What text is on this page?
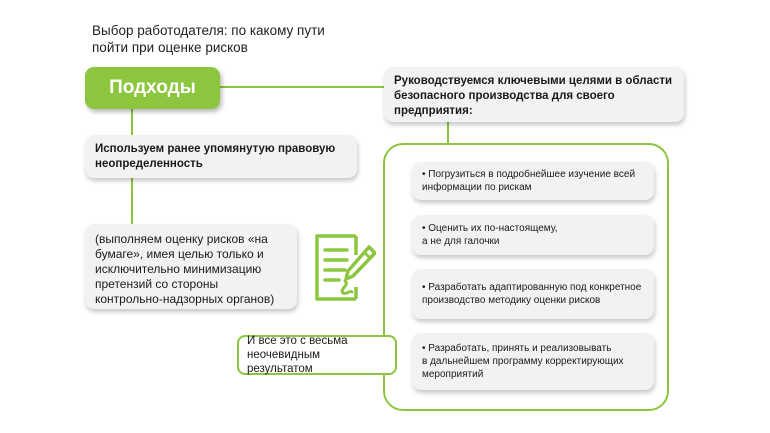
Выбор работодателя: по какому пути пойти при оценке рисков
Подходы	Руководствуемся ключевыми целями в области безопасного производства для своего предприятия:
Используем ранее упомянутую правовую неопределенность
(выполняем оценку рисков «на бумаге», имея целью только и исключительно минимизацию претензий со стороны контрольно-надзорных органов)
• Погрузиться в подробнейшее изучение всей информации по рискам
• Оценить их по-настоящему,
а не для галочки
• Разработать адаптированную под конкретное производство методику оценки рисков
• Разработать, принять и реализовывать
в дальнейшем программу корректирующих мероприятий
И все это с весьма неочевидным результатом
